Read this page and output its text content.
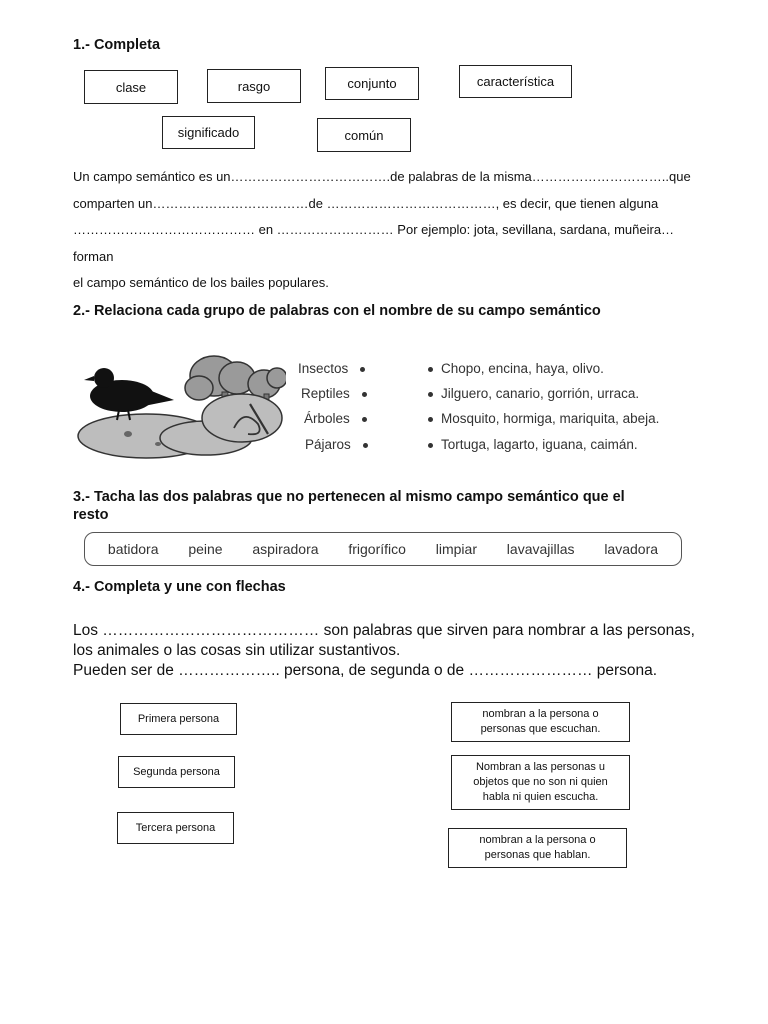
1.- Completa
clase	rasgo	conjunto	característica
significado	común
Un campo semántico es un……………………………….de palabras de la misma…………………………..que
comparten un………………………………de …………………………………, es decir, que tienen alguna
…………………………………… en ……………………… Por ejemplo: jota, sevillana, sardana, muñeira…forman
el campo semántico de los bailes populares.
2.- Relaciona cada grupo de palabras con el nombre de su campo semántico
Insectos
Reptiles
Árboles
Pájaros
Chopo, encina, haya, olivo.
Jilguero, canario, gorrión, urraca.
Mosquito, hormiga, mariquita, abeja.
Tortuga, lagarto, iguana, caimán.
3.- Tacha las dos palabras que no pertenecen al mismo campo semántico que el
resto
batidora peine aspiradora frigorífico limpiar lavavajillas lavadora
4.- Completa y une con flechas
Los …………………………………… son palabras que sirven para nombrar a las personas,
los animales o las cosas sin utilizar sustantivos.
Pueden ser de ……………….. persona, de segunda o de …………………… persona.
Primera persona
Segunda persona
Tercera persona
nombran a la persona o
personas que escuchan.
Nombran a las personas u
objetos que no son ni quien
habla ni quien escucha.
nombran a la persona o
personas que hablan.
